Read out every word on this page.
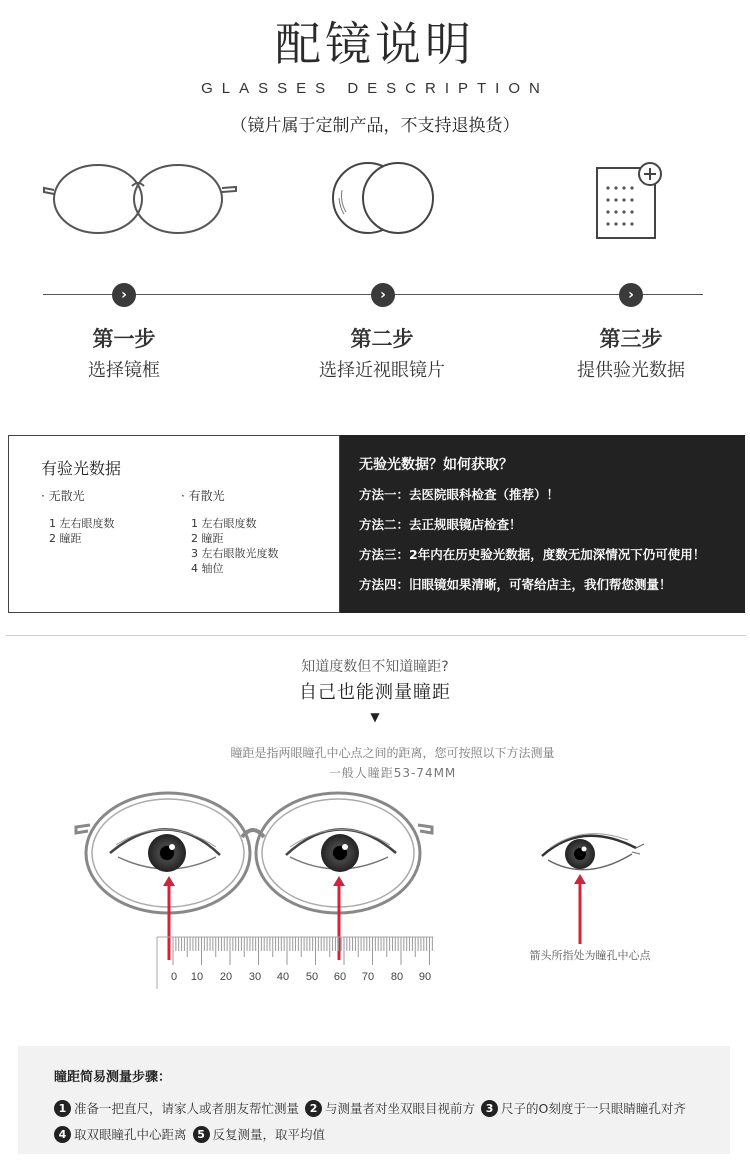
配镜说明
GLASSES DESCRIPTION
（镜片属于定制产品，不支持退换货）
›	›	›
第一步
选择镜框
第二步
选择近视眼镜片
第三步
提供验光数据
有验光数据
· 无散光
1 左右眼度数
2 瞳距
· 有散光
1 左右眼度数
2 瞳距
3 左右眼散光度数
4 轴位
无验光数据？如何获取？
方法一：去医院眼科检查（推荐）！
方法二：去正规眼镜店检查！
方法三：2年内在历史验光数据，度数无加深情况下仍可使用！
方法四：旧眼镜如果清晰，可寄给店主，我们帮您测量！
知道度数但不知道瞳距?
自己也能测量瞳距
▼
瞳距是指两眼瞳孔中心点之间的距离，您可按照以下方法测量
一般人瞳距53-74MM
0	10	20	30	40	50	60	70	80	90
箭头所指处为瞳孔中心点
瞳距简易测量步骤：
1 准备一把直尺，请家人或者朋友帮忙测量 2 与测量者对坐双眼目视前方 3 尺子的O刻度于一只眼睛瞳孔对齐
4 取双眼瞳孔中心距离 5 反复测量，取平均值
